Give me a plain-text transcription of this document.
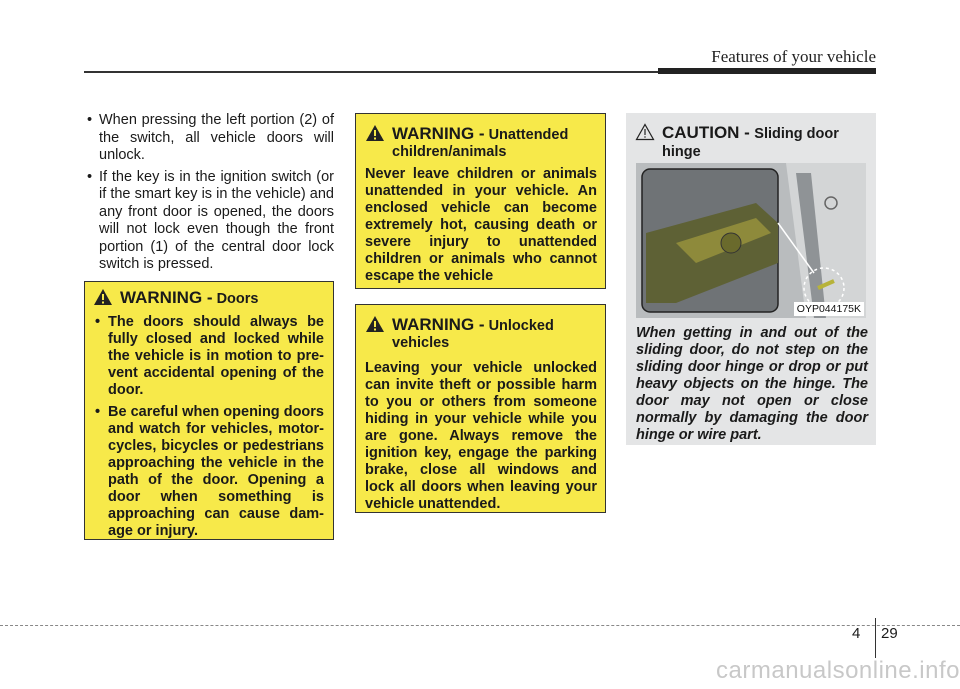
Features of your vehicle
• When pressing the left portion (2) of the switch, all vehicle doors will unlock.
• If the key is in the ignition switch (or if the smart key is in the vehicle) and any front door is opened, the doors will not lock even though the front portion (1) of the central door lock switch is pressed.
WARNING - Doors
• The doors should always be fully closed and locked while the vehicle is in motion to pre-vent accidental opening of the door.
• Be careful when opening doors and watch for vehicles, motor-cycles, bicycles or pedestrians approaching the vehicle in the path of the door. Opening a door when something is approaching can cause dam-age or injury.
WARNING - Unattended children/animals
Never leave children or animals unattended in your vehicle. An enclosed vehicle can become extremely hot, causing death or severe injury to unattended children or animals who cannot escape the vehicle
WARNING - Unlocked vehicles
Leaving your vehicle unlocked can invite theft or possible harm to you or others from someone hiding in your vehicle while you are gone. Always remove the ignition key, engage the parking brake, close all windows and lock all doors when leaving your vehicle unattended.
CAUTION - Sliding door hinge
OYP044175K
When getting in and out of the sliding door, do not step on the sliding door hinge or drop or put heavy objects on the hinge. The door may not open or close normally by damaging the door hinge or wire part.
4 29
carmanualsonline.info
